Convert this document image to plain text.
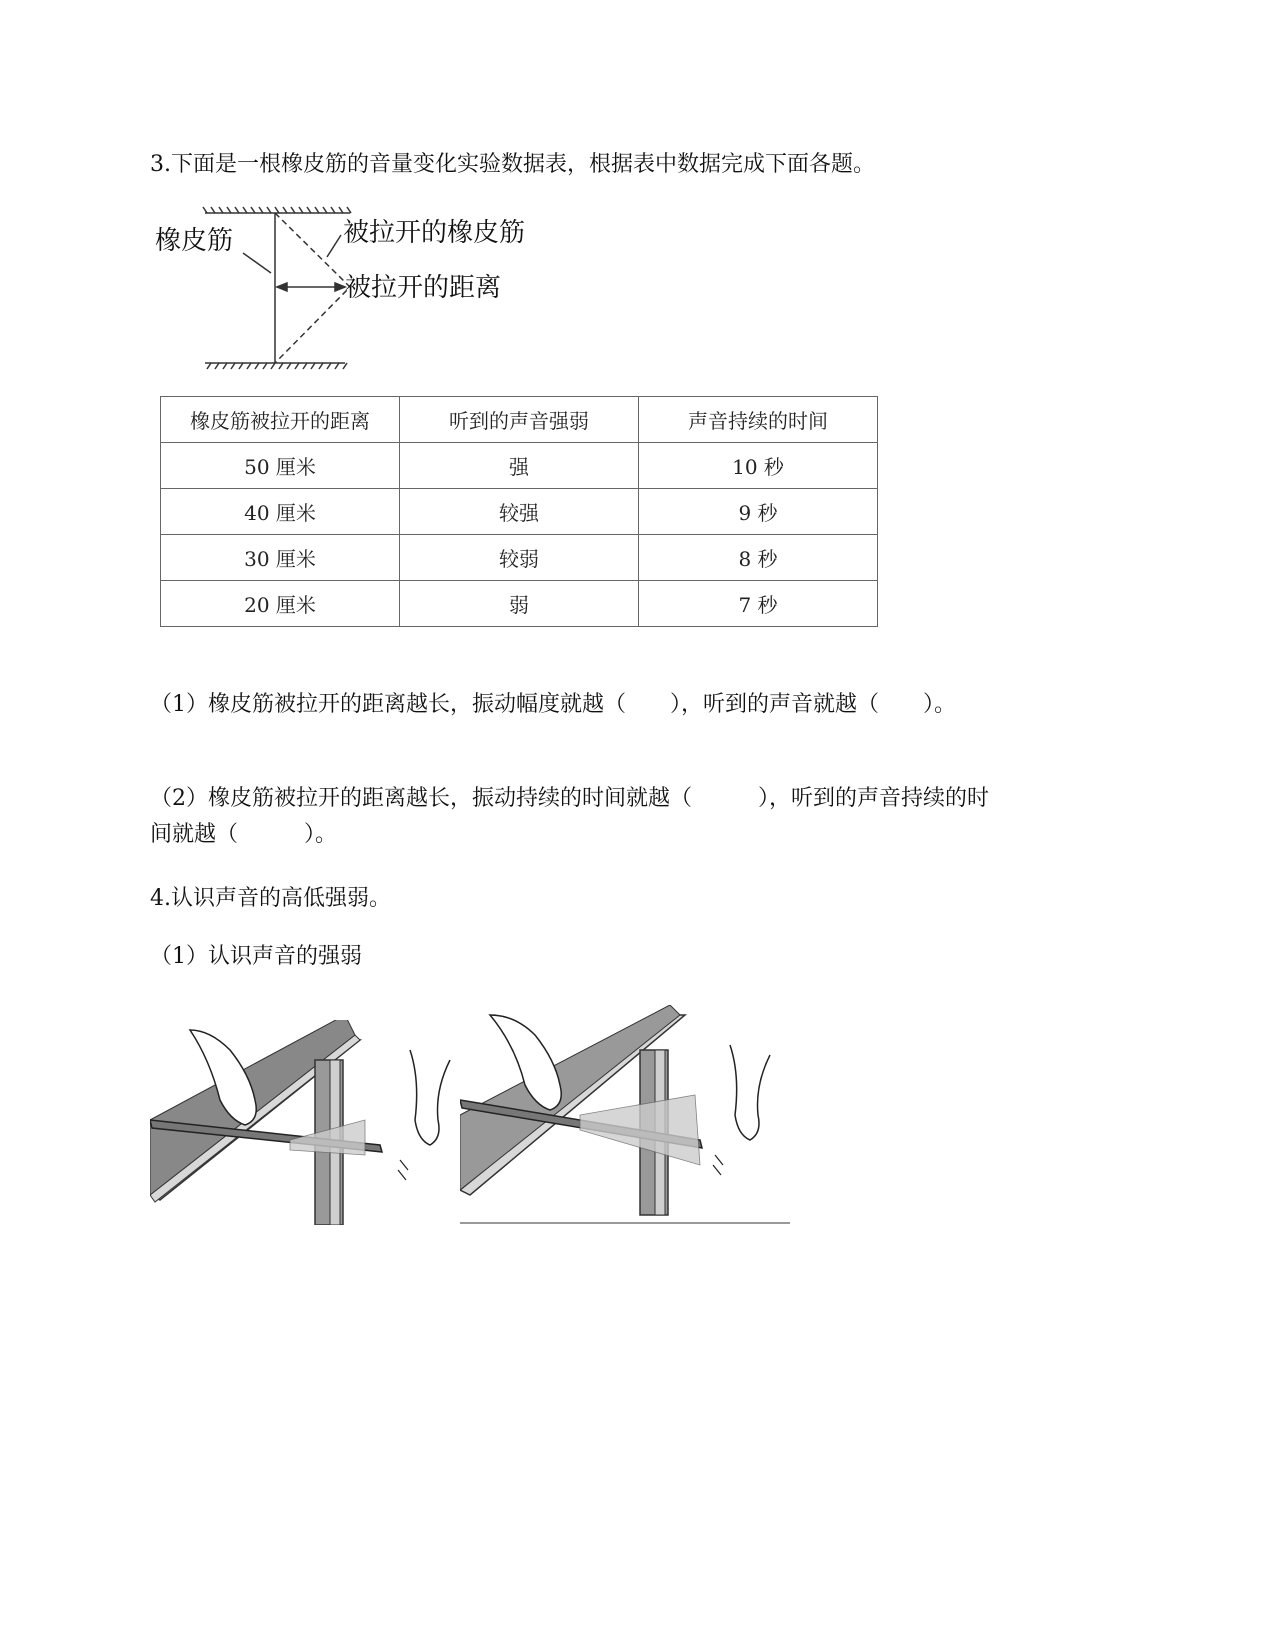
3.下面是一根橡皮筋的音量变化实验数据表，根据表中数据完成下面各题。
橡皮筋	被拉开的橡皮筋
被拉开的距离
橡皮筋被拉开的距离	听到的声音强弱	声音持续的时间
50 厘米	强	10 秒
40 厘米	较强	9 秒
30 厘米	较弱	8 秒
20 厘米	弱	7 秒
（1）橡皮筋被拉开的距离越长，振动幅度就越（　　），听到的声音就越（　　）。
（2）橡皮筋被拉开的距离越长，振动持续的时间就越（　　　），听到的声音持续的时
间就越（　　　）。
4.认识声音的高低强弱。
（1）认识声音的强弱
